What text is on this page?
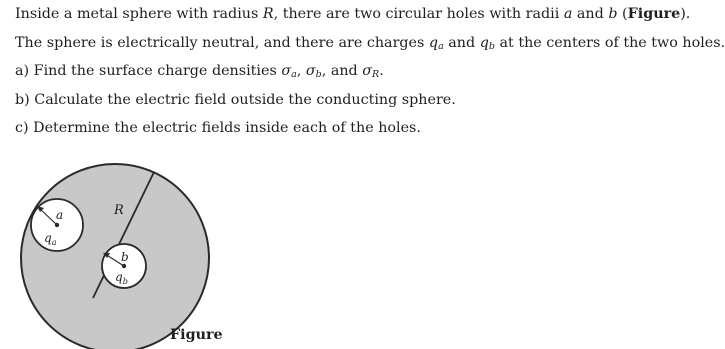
Inside a metal sphere with radius R, there are two circular holes with radii a and b (Figure).
The sphere is electrically neutral, and there are charges $q_a$ and $q_b$ at the centers of the two holes.
a) Find the surface charge densities $\sigma_a$, $\sigma_b$, and $\sigma_R$.
b) Calculate the electric field outside the conducting sphere.
c) Determine the electric fields inside each of the holes.
R
a
$q_a$
b
$q_b$
Figure
